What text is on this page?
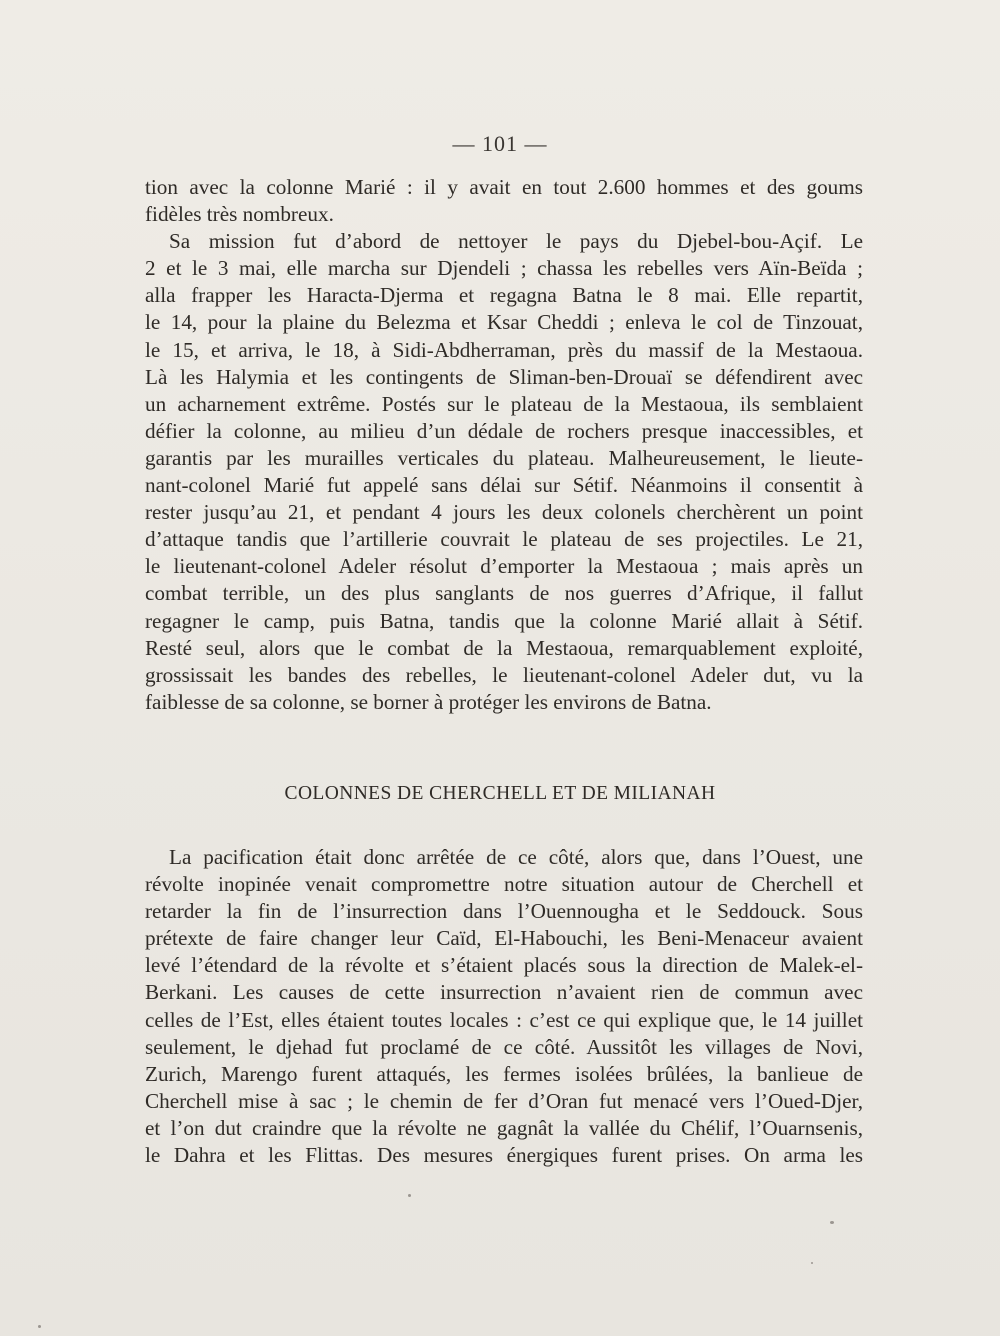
— 101 —
tion avec la colonne Marié : il y avait en tout 2.600 hommes et des goums
fidèles très nombreux.
Sa mission fut d’abord de nettoyer le pays du Djebel-bou-Açif. Le
2 et le 3 mai, elle marcha sur Djendeli ; chassa les rebelles vers Aïn-Beïda ;
alla frapper les Haracta-Djerma et regagna Batna le 8 mai. Elle repartit,
le 14, pour la plaine du Belezma et Ksar Cheddi ; enleva le col de Tinzouat,
le 15, et arriva, le 18, à Sidi-Abdherraman, près du massif de la Mestaoua.
Là les Halymia et les contingents de Sliman-ben-Drouaï se défendirent avec
un acharnement extrême. Postés sur le plateau de la Mestaoua, ils semblaient
défier la colonne, au milieu d’un dédale de rochers presque inaccessibles, et
garantis par les murailles verticales du plateau. Malheureusement, le lieute-
nant-colonel Marié fut appelé sans délai sur Sétif. Néanmoins il consentit à
rester jusqu’au 21, et pendant 4 jours les deux colonels cherchèrent un point
d’attaque tandis que l’artillerie couvrait le plateau de ses projectiles. Le 21,
le lieutenant-colonel Adeler résolut d’emporter la Mestaoua ; mais après un
combat terrible, un des plus sanglants de nos guerres d’Afrique, il fallut
regagner le camp, puis Batna, tandis que la colonne Marié allait à Sétif.
Resté seul, alors que le combat de la Mestaoua, remarquablement exploité,
grossissait les bandes des rebelles, le lieutenant-colonel Adeler dut, vu la
faiblesse de sa colonne, se borner à protéger les environs de Batna.
COLONNES DE CHERCHELL ET DE MILIANAH
La pacification était donc arrêtée de ce côté, alors que, dans l’Ouest, une
révolte inopinée venait compromettre notre situation autour de Cherchell et
retarder la fin de l’insurrection dans l’Ouennougha et le Seddouck. Sous
prétexte de faire changer leur Caïd, El-Habouchi, les Beni-Menaceur avaient
levé l’étendard de la révolte et s’étaient placés sous la direction de Malek-el-
Berkani. Les causes de cette insurrection n’avaient rien de commun avec
celles de l’Est, elles étaient toutes locales : c’est ce qui explique que, le 14 juillet
seulement, le djehad fut proclamé de ce côté. Aussitôt les villages de Novi,
Zurich, Marengo furent attaqués, les fermes isolées brûlées, la banlieue de
Cherchell mise à sac ; le chemin de fer d’Oran fut menacé vers l’Oued-Djer,
et l’on dut craindre que la révolte ne gagnât la vallée du Chélif, l’Ouarnsenis,
le Dahra et les Flittas. Des mesures énergiques furent prises. On arma les
